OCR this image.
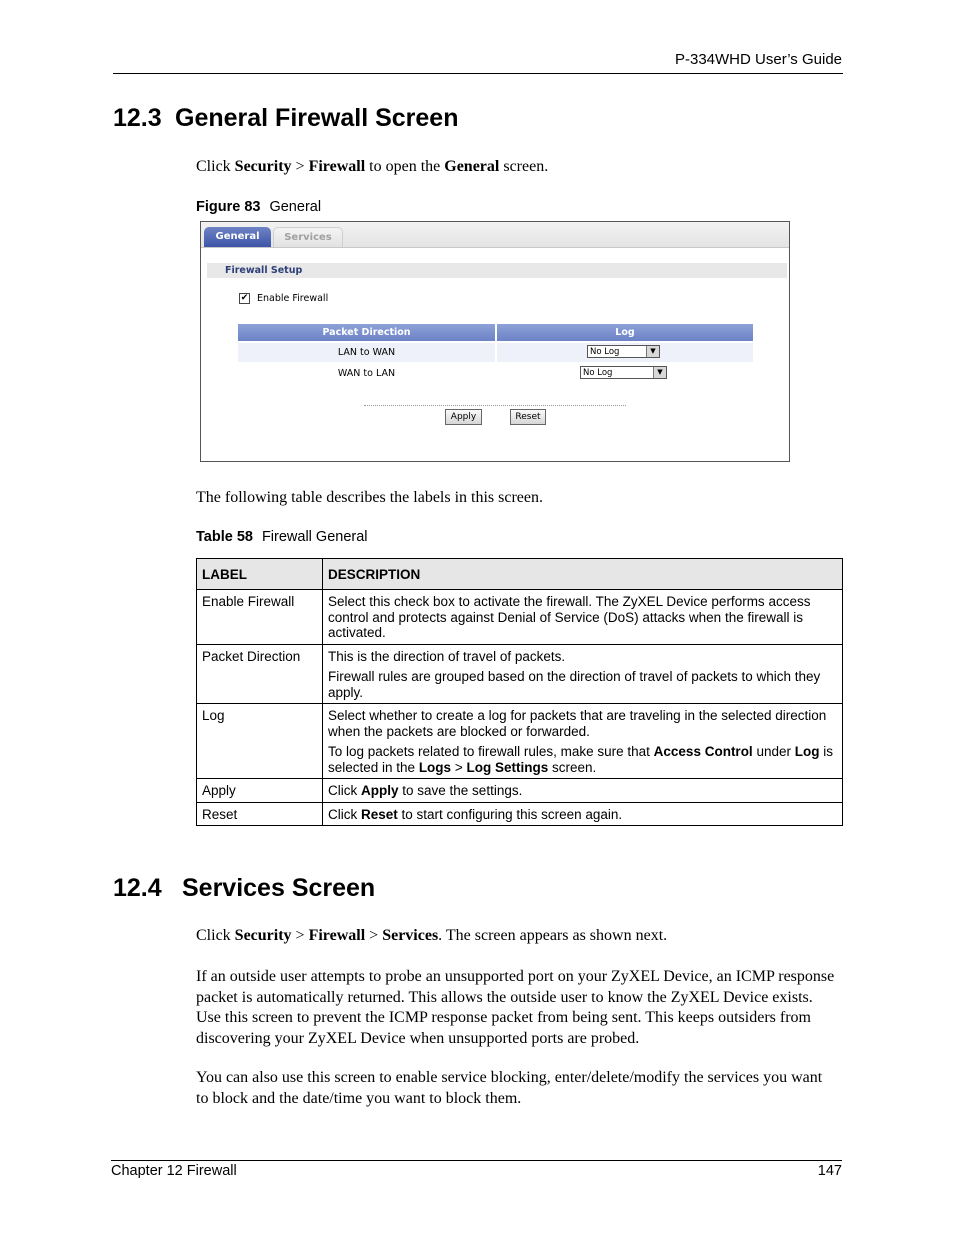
P-334WHD User’s Guide
12.3 General Firewall Screen
Click Security > Firewall to open the General screen.
Figure 83 General
General	Services
Firewall Setup
✔ Enable Firewall
Packet Direction	Log
LAN to WAN	No Log	▼
WAN to LAN	No Log	▼
Apply	Reset
The following table describes the labels in this screen.
Table 58 Firewall General
LABEL	DESCRIPTION
Enable Firewall	Select this check box to activate the firewall. The ZyXEL Device performs access control and protects against Denial of Service (DoS) attacks when the firewall is activated.

Packet Direction	This is the direction of travel of packets.

Firewall rules are grouped based on the direction of travel of packets to which they apply.

Log	Select whether to create a log for packets that are traveling in the selected direction when the packets are blocked or forwarded.

To log packets related to firewall rules, make sure that Access Control under Log is selected in the Logs > Log Settings screen.

Apply	Click Apply to save the settings.
Reset	Click Reset to start configuring this screen again.
12.4 Services Screen
Click Security > Firewall > Services. The screen appears as shown next.
If an outside user attempts to probe an unsupported port on your ZyXEL Device, an ICMP response packet is automatically returned. This allows the outside user to know the ZyXEL Device exists. Use this screen to prevent the ICMP response packet from being sent. This keeps outsiders from discovering your ZyXEL Device when unsupported ports are probed.
You can also use this screen to enable service blocking, enter/delete/modify the services you want to block and the date/time you want to block them.
Chapter 12 Firewall	147
